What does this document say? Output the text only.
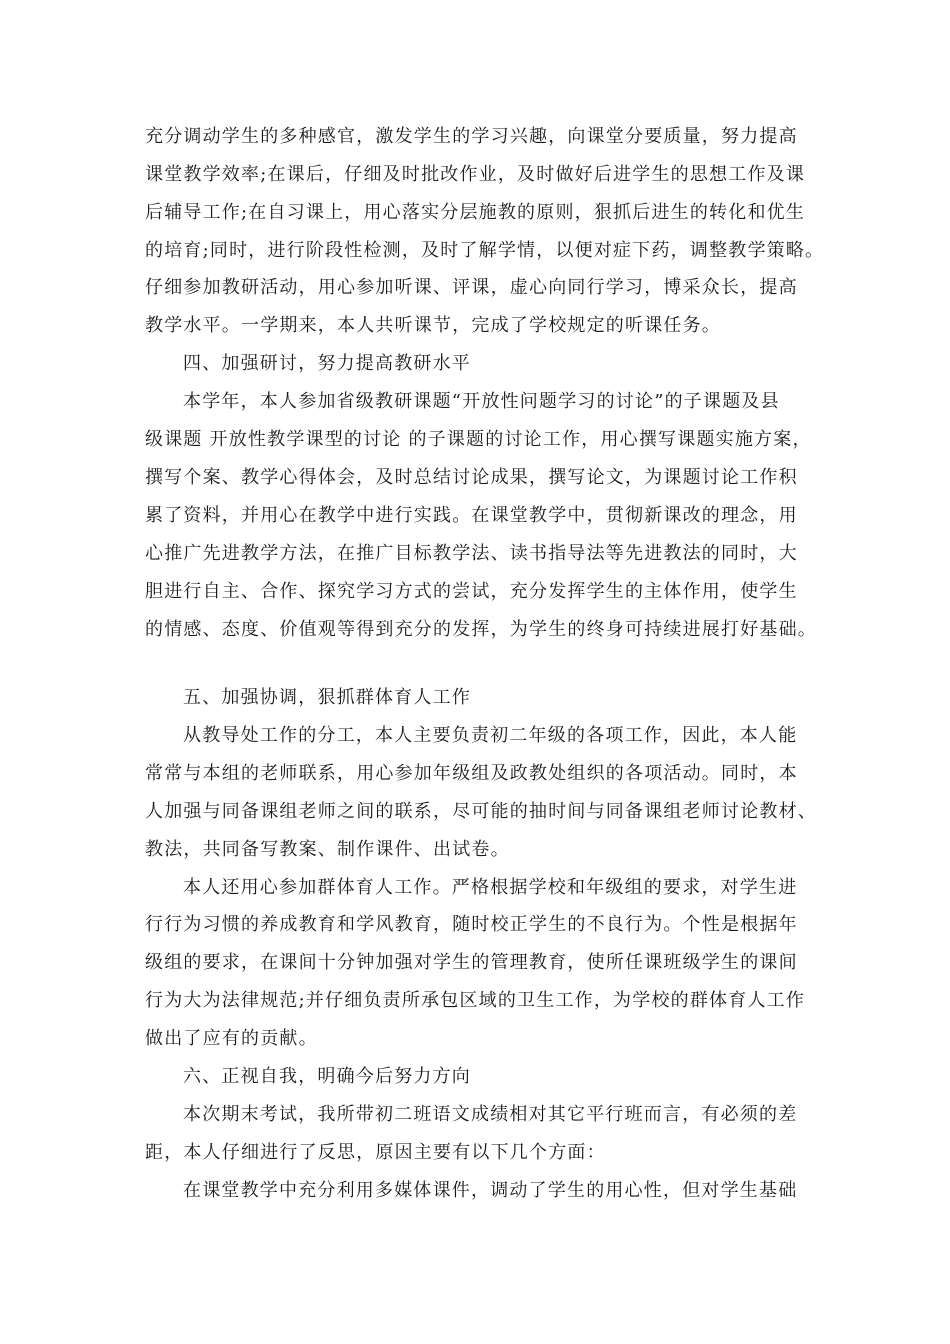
充分调动学生的多种感官，激发学生的学习兴趣，向课堂分要质量，努力提高
课堂教学效率;在课后，仔细及时批改作业，及时做好后进学生的思想工作及课
后辅导工作;在自习课上，用心落实分层施教的原则，狠抓后进生的转化和优生
的培育;同时，进行阶段性检测，及时了解学情，以便对症下药，调整教学策略。
仔细参加教研活动，用心参加听课、评课，虚心向同行学习，博采众长，提高
教学水平。一学期来，本人共听课节，完成了学校规定的听课任务。
四、加强研讨，努力提高教研水平
本学年，本人参加省级教研课题“开放性问题学习的讨论”的子课题及县
级课题 开放性教学课型的讨论 的子课题的讨论工作，用心撰写课题实施方案，
撰写个案、教学心得体会，及时总结讨论成果，撰写论文，为课题讨论工作积
累了资料，并用心在教学中进行实践。在课堂教学中，贯彻新课改的理念，用
心推广先进教学方法，在推广目标教学法、读书指导法等先进教法的同时，大
胆进行自主、合作、探究学习方式的尝试，充分发挥学生的主体作用，使学生
的情感、态度、价值观等得到充分的发挥，为学生的终身可持续进展打好基础。
五、加强协调，狠抓群体育人工作
从教导处工作的分工，本人主要负责初二年级的各项工作，因此，本人能
常常与本组的老师联系，用心参加年级组及政教处组织的各项活动。同时，本
人加强与同备课组老师之间的联系，尽可能的抽时间与同备课组老师讨论教材、
教法，共同备写教案、制作课件、出试卷。
本人还用心参加群体育人工作。严格根据学校和年级组的要求，对学生进
行行为习惯的养成教育和学风教育，随时校正学生的不良行为。个性是根据年
级组的要求，在课间十分钟加强对学生的管理教育，使所任课班级学生的课间
行为大为法律规范;并仔细负责所承包区域的卫生工作，为学校的群体育人工作
做出了应有的贡献。
六、正视自我，明确今后努力方向
本次期末考试，我所带初二班语文成绩相对其它平行班而言，有必须的差
距，本人仔细进行了反思，原因主要有以下几个方面：
在课堂教学中充分利用多媒体课件，调动了学生的用心性，但对学生基础
